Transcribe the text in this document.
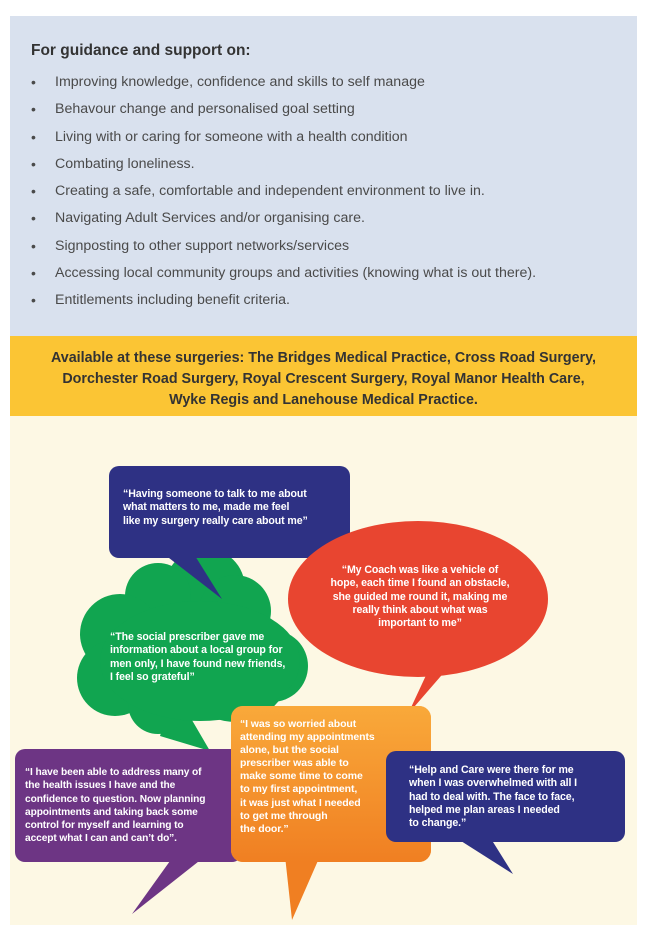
For guidance and support on:
• Improving knowledge, confidence and skills to self manage
• Behavour change and personalised goal setting
• Living with or caring for someone with a health condition
• Combating loneliness.
• Creating a safe, comfortable and independent environment to live in.
• Navigating Adult Services and/or organising care.
• Signposting to other support networks/services
• Accessing local community groups and activities (knowing what is out there).
• Entitlements including benefit criteria.
Available at these surgeries: The Bridges Medical Practice, Cross Road Surgery,
Dorchester Road Surgery, Royal Crescent Surgery, Royal Manor Health Care,
Wyke Regis and Lanehouse Medical Practice.
“Having someone to talk to me about
what matters to me, made me feel
like my surgery really care about me”
“My Coach was like a vehicle of
hope, each time I found an obstacle,
she guided me round it, making me
really think about what was
important to me”
“The social prescriber gave me
information about a local group for
men only, I have found new friends,
I feel so grateful”
“I have been able to address many of
the health issues I have and the
confidence to question. Now planning
appointments and taking back some
control for myself and learning to
accept what I can and can’t do”.
“I was so worried about
attending my appointments
alone, but the social
prescriber was able to
make some time to come
to my first appointment,
it was just what I needed
to get me through
the door.”
“Help and Care were there for me
when I was overwhelmed with all I
had to deal with. The face to face,
helped me plan areas I needed
to change.”
